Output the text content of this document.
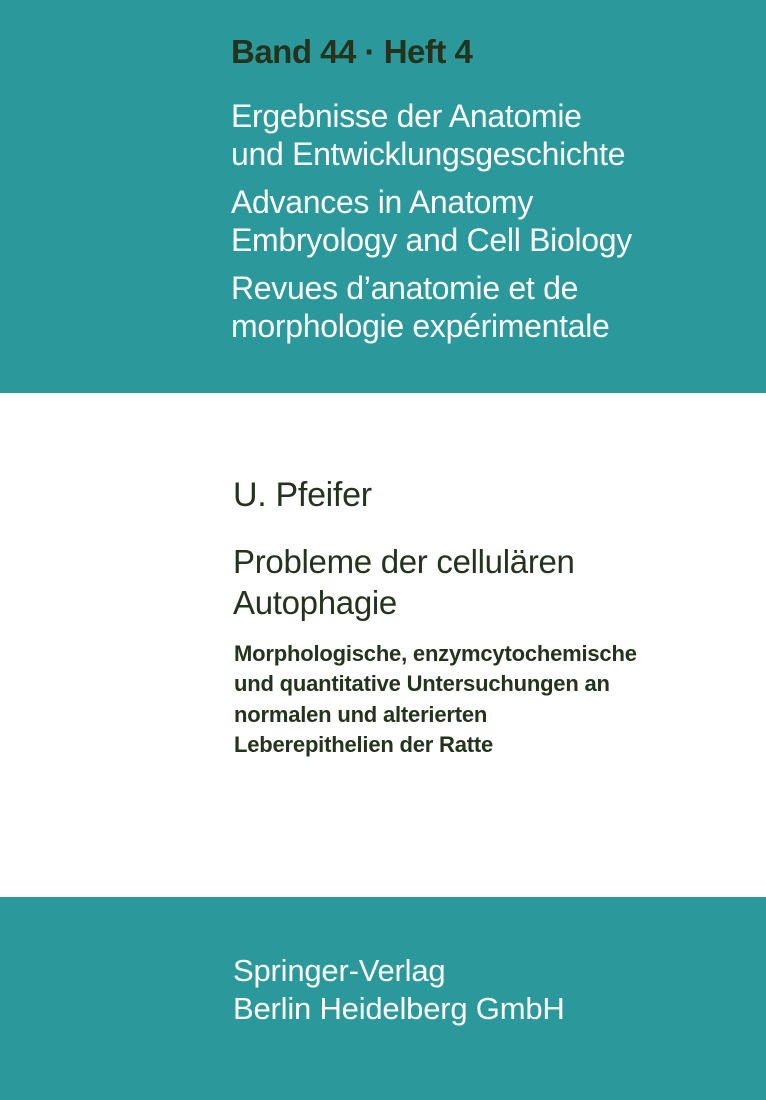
Band 44 · Heft 4

Ergebnisse der Anatomie

und Entwicklungsgeschichte

Advances in Anatomy

Embryology and Cell Biology

Revues d’anatomie et de

morphologie expérimentale

U. Pfeifer

Probleme der cellulären

Autophagie

Morphologische, enzymcytochemische

und quantitative Untersuchungen an

normalen und alterierten

Leberepithelien der Ratte

Springer-Verlag

Berlin Heidelberg GmbH
